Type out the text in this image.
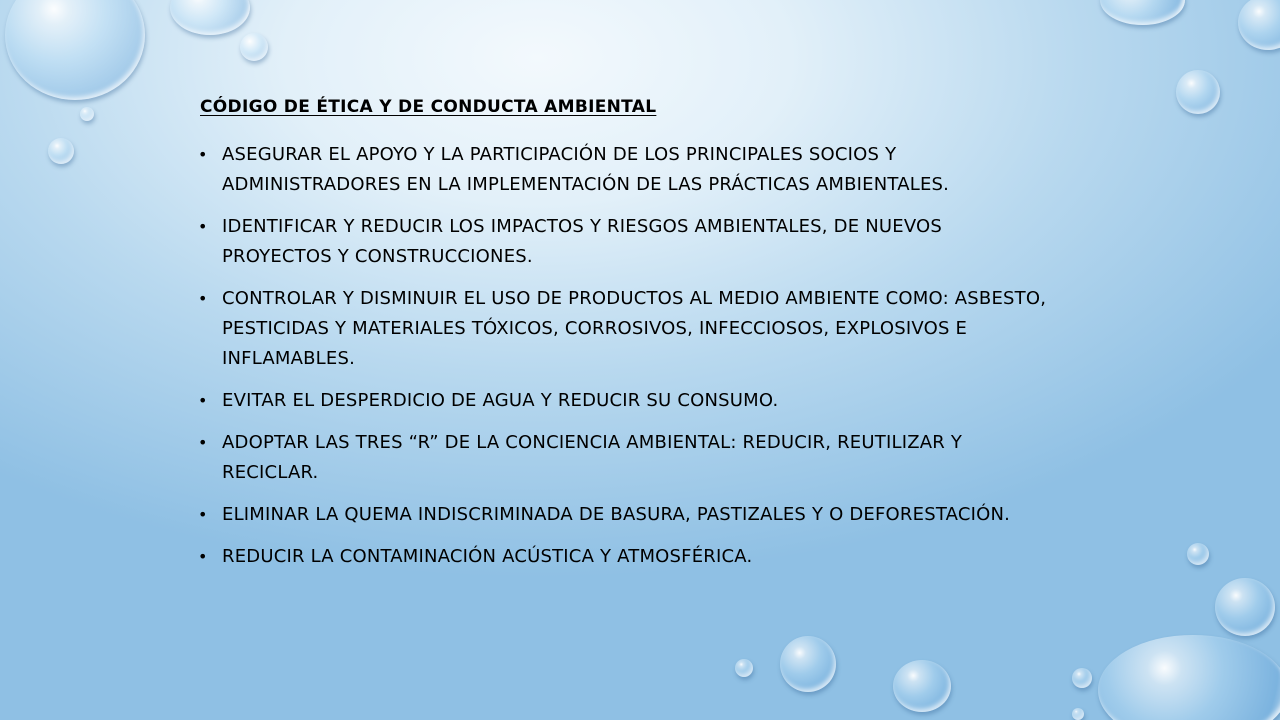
CÓDIGO DE ÉTICA Y DE CONDUCTA AMBIENTAL
• ASEGURAR EL APOYO Y LA PARTICIPACIÓN DE LOS PRINCIPALES SOCIOS Y ADMINISTRADORES EN LA IMPLEMENTACIÓN DE LAS PRÁCTICAS AMBIENTALES.
• IDENTIFICAR Y REDUCIR LOS IMPACTOS Y RIESGOS AMBIENTALES, DE NUEVOS PROYECTOS Y CONSTRUCCIONES.
• CONTROLAR Y DISMINUIR EL USO DE PRODUCTOS AL MEDIO AMBIENTE COMO: ASBESTO, PESTICIDAS Y MATERIALES TÓXICOS, CORROSIVOS, INFECCIOSOS, EXPLOSIVOS E INFLAMABLES.
• EVITAR EL DESPERDICIO DE AGUA Y REDUCIR SU CONSUMO.
• ADOPTAR LAS TRES “R” DE LA CONCIENCIA AMBIENTAL: REDUCIR, REUTILIZAR Y RECICLAR.
• ELIMINAR LA QUEMA INDISCRIMINADA DE BASURA, PASTIZALES Y O DEFORESTACIÓN.
• REDUCIR LA CONTAMINACIÓN ACÚSTICA Y ATMOSFÉRICA.
